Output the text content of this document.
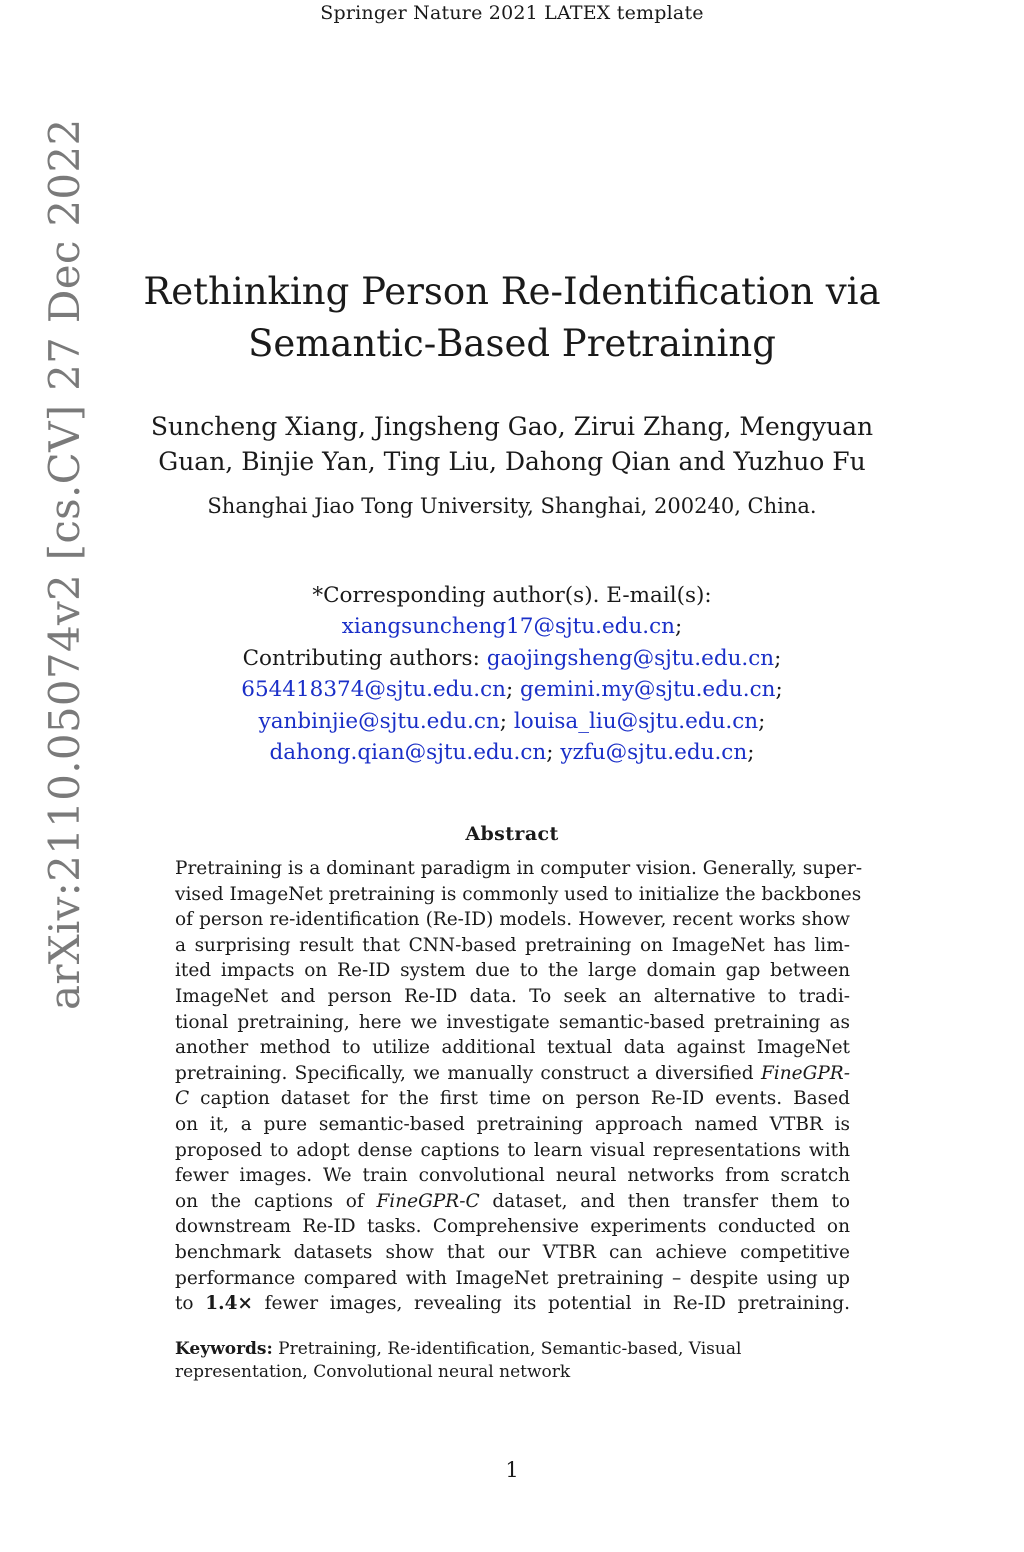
Springer Nature 2021 LATEX template
arXiv:2110.05074v2 [cs.CV] 27 Dec 2022	Rethinking Person Re-Identification via
Semantic-Based Pretraining
Suncheng Xiang, Jingsheng Gao, Zirui Zhang, Mengyuan
Guan, Binjie Yan, Ting Liu, Dahong Qian and Yuzhuo Fu
Shanghai Jiao Tong University, Shanghai, 200240, China.
*Corresponding author(s). E-mail(s):
xiangsuncheng17@sjtu.edu.cn;
Contributing authors: gaojingsheng@sjtu.edu.cn;
654418374@sjtu.edu.cn; gemini.my@sjtu.edu.cn;
yanbinjie@sjtu.edu.cn; louisa_liu@sjtu.edu.cn;
dahong.qian@sjtu.edu.cn; yzfu@sjtu.edu.cn;
Abstract
Pretraining is a dominant paradigm in computer vision. Generally, super-
vised ImageNet pretraining is commonly used to initialize the backbones
of person re-identification (Re-ID) models. However, recent works show
a surprising result that CNN-based pretraining on ImageNet has lim-
ited impacts on Re-ID system due to the large domain gap between
ImageNet and person Re-ID data. To seek an alternative to tradi-
tional pretraining, here we investigate semantic-based pretraining as
another method to utilize additional textual data against ImageNet
pretraining. Specifically, we manually construct a diversified FineGPR-
C caption dataset for the first time on person Re-ID events. Based
on it, a pure semantic-based pretraining approach named VTBR is
proposed to adopt dense captions to learn visual representations with
fewer images. We train convolutional neural networks from scratch
on the captions of FineGPR-C dataset, and then transfer them to
downstream Re-ID tasks. Comprehensive experiments conducted on
benchmark datasets show that our VTBR can achieve competitive
performance compared with ImageNet pretraining – despite using up
to 1.4× fewer images, revealing its potential in Re-ID pretraining.
Keywords: Pretraining, Re-identification, Semantic-based, Visual
representation, Convolutional neural network
1
